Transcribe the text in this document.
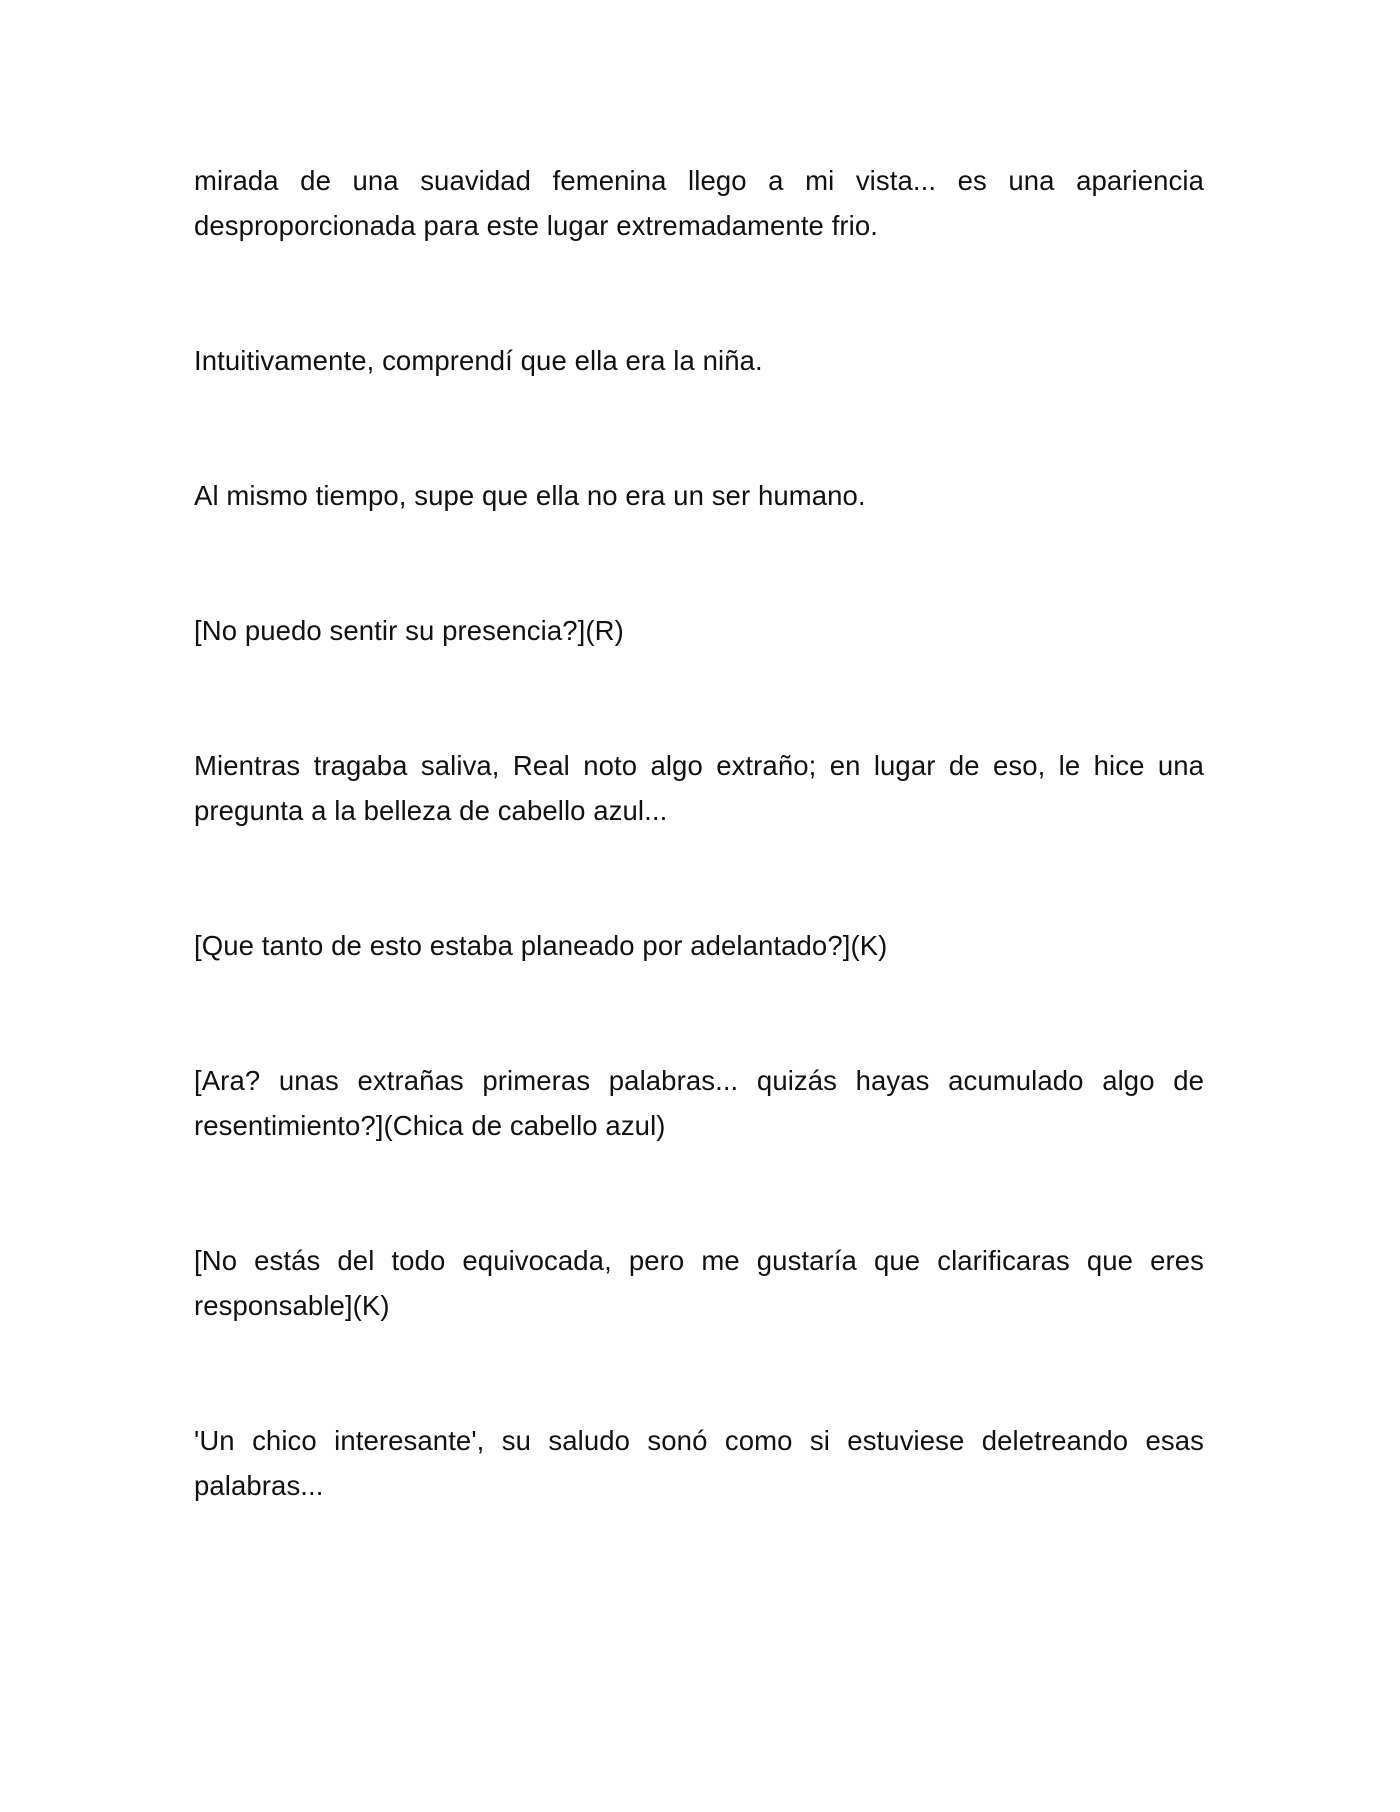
mirada de una suavidad femenina llego a mi vista... es una apariencia desproporcionada para este lugar extremadamente frio.

Intuitivamente, comprendí que ella era la niña.

Al mismo tiempo, supe que ella no era un ser humano.

[No puedo sentir su presencia?](R)

Mientras tragaba saliva, Real noto algo extraño; en lugar de eso, le hice una pregunta a la belleza de cabello azul...

[Que tanto de esto estaba planeado por adelantado?](K)

[Ara? unas extrañas primeras palabras... quizás hayas acumulado algo de resentimiento?](Chica de cabello azul)

[No estás del todo equivocada, pero me gustaría que clarificaras que eres responsable](K)

'Un chico interesante', su saludo sonó como si estuviese deletreando esas palabras...
